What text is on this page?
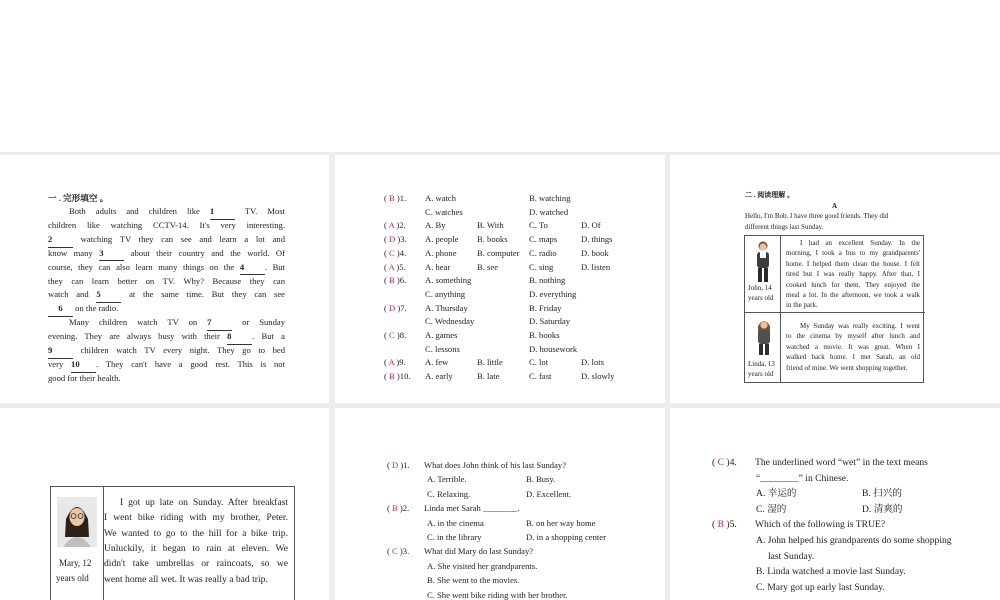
一 . 完形填空 。
Both adults and children like 1 TV. Most
children like watching CCTV-14. It's very interesting.
2 watching TV they can see and learn a lot and
know many 3 about their country and the world. Of
course, they can also learn many things on the 4 . But
they can learn better on TV. Why? Because they can
watch and 5 at the same time. But they can see
6 on the radio.
Many children watch TV on 7 or Sunday
evening. They are always busy with their 8 . But a
9 children watch TV every night. They go to bed
very 10 . They can't have a good rest. This is not
good for their health.
( B )1. A. watch	B. watching
C. watches	D. watched
( A )2. A. By	B. With	C. To	D. Of
( D )3. A. people B. books C. maps	D. things
( C )4. A. phone B. computer C. radio	D. book
( A )5. A. hear	B. see	C. sing	D. listen
( B )6. A. something	B. nothing
C. anything	D. everything
( D )7. A. Thursday	B. Friday
C. Wednesday	D. Saturday
( C )8. A. games	B. books
C. lessons	D. housework
( A )9. A. few	B. little	C. lot	D. lots
( B )10. A. early	B. late	C. fast	D. slowly
二 . 阅读理解 。
A
Hello, I'm Bob. I have three good friends. They did
different things last Sunday.
John, 14
years old
I had an excellent Sunday. In the
morning, I took a bus to my grandparents'
home. I helped them clean the house. I felt
tired but I was really happy. After that, I
cooked lunch for them. They enjoyed the
meal a lot. In the afternoon, we took a walk
in the park.
Linda, 13
years old
My Sunday was really exciting. I went
to the cinema by myself after lunch and
watched a movie. It was great. When I
walked back home. I met Sarah, an old
friend of mine. We went shopping together.
Mary, 12
years old
I got up late on Sunday. After breakfast
I went bike riding with my brother, Peter.
We wanted to go to the hill for a bike trip.
Unluckily, it began to rain at eleven. We
didn't take umbrellas or raincoats, so we
went home all wet. It was really a bad trip.
( D )1. What does John think of his last Sunday?
A. Terrible.	B. Busy.
C. Relaxing.	D. Excellent.
( B )2. Linda met Sarah ________.
A. in the cinema	B. on her way home
C. in the library	D. in a shopping center
( C )3. What did Mary do last Sunday?
A. She visited her grandparents.
B. She went to the movies.
C. She went bike riding with her brother.
( C )4. The underlined word “wet” in the text means
“________” in Chinese.
A. 幸运的	B. 扫兴的
C. 湿的	D. 清爽的
( B )5. Which of the following is TRUE?
A. John helped his grandparents do some shopping
last Sunday.
B. Linda watched a movie last Sunday.
C. Mary got up early last Sunday.
